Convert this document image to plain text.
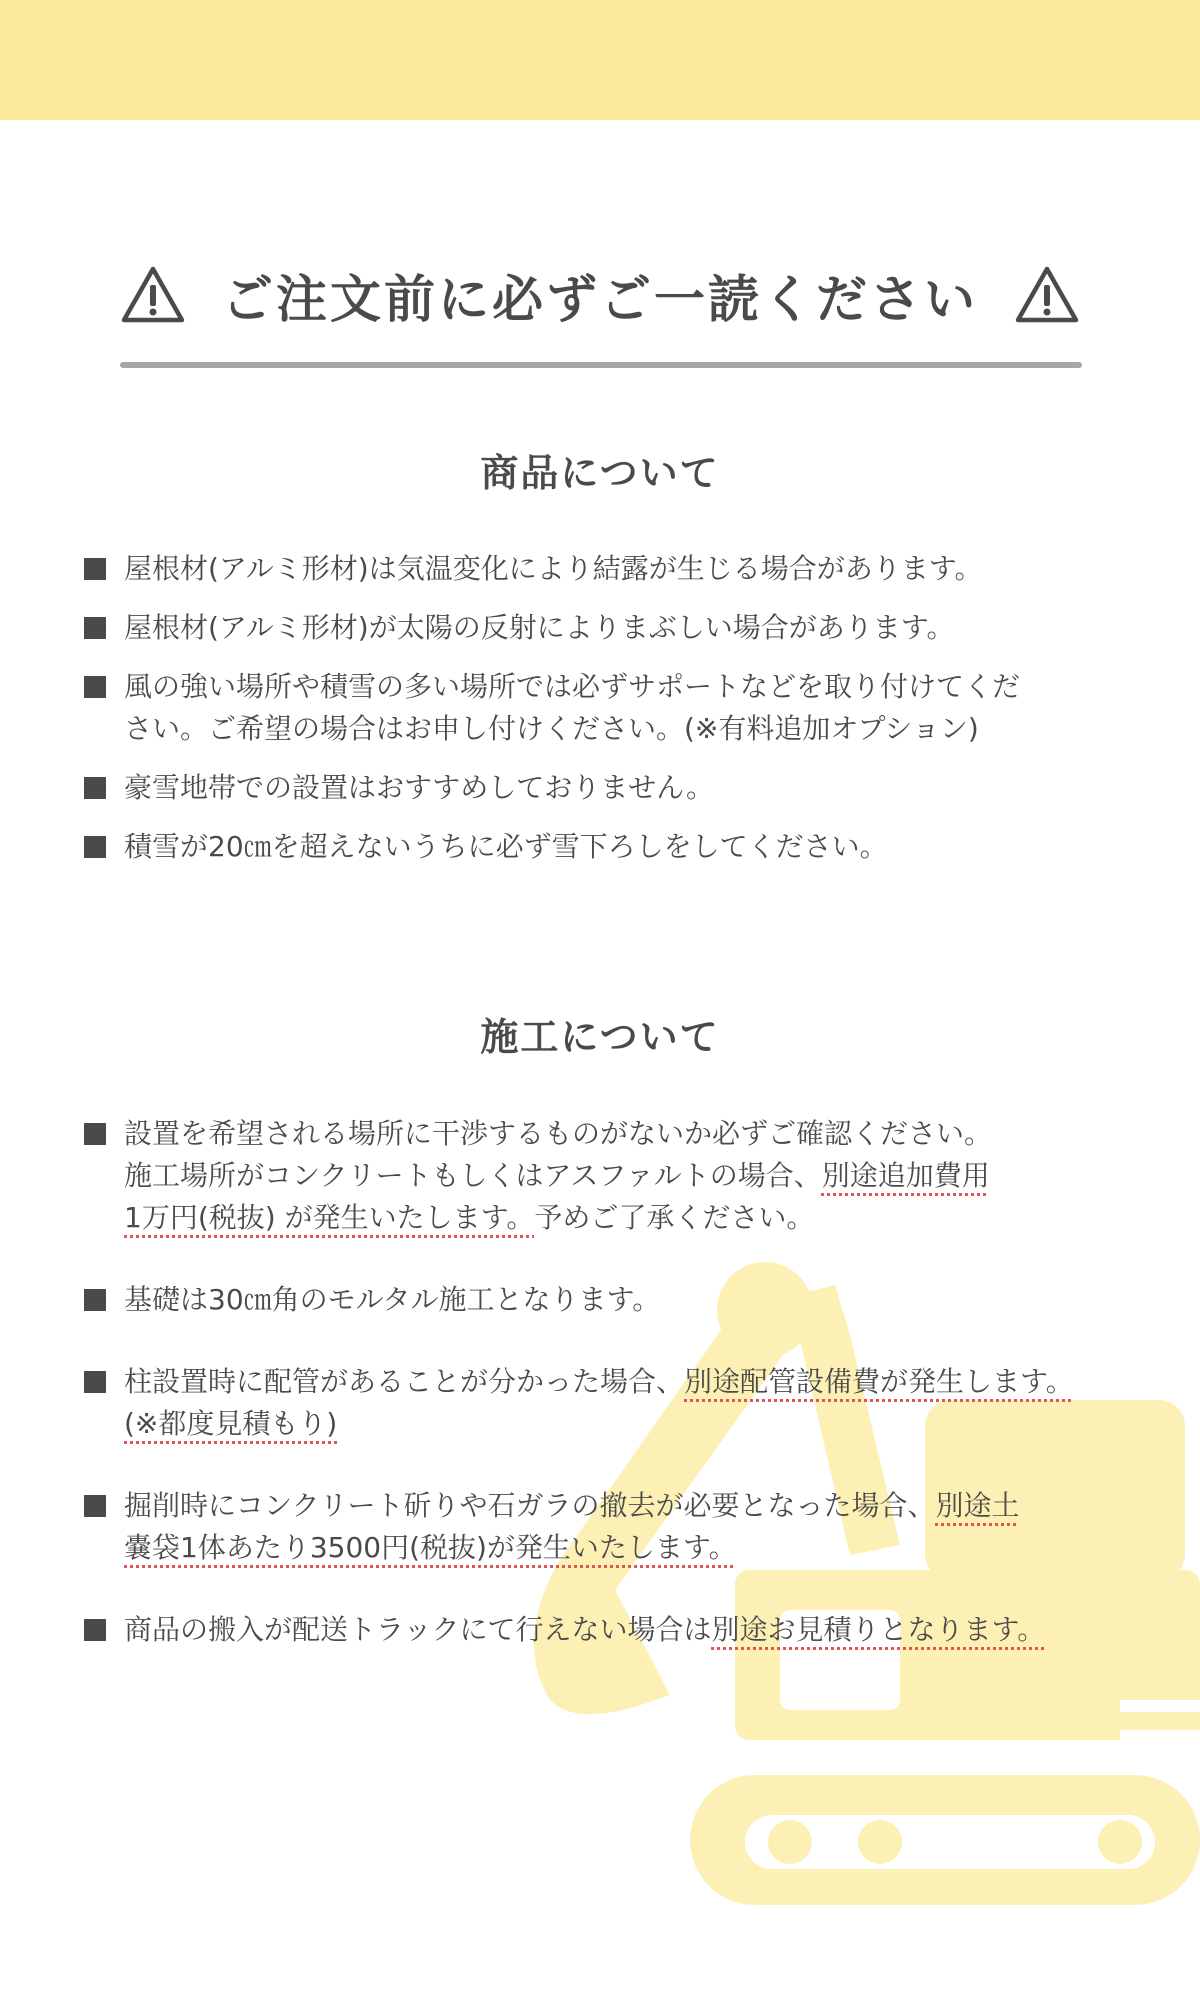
ご注文前に必ずご一読ください
商品について
屋根材(アルミ形材)は気温変化により結露が生じる場合があります。
屋根材(アルミ形材)が太陽の反射によりまぶしい場合があります。
風の強い場所や積雪の多い場所では必ずサポートなどを取り付けてくだ
さい。ご希望の場合はお申し付けください。(※有料追加オプション)
豪雪地帯での設置はおすすめしておりません。
積雪が20㎝を超えないうちに必ず雪下ろしをしてください。
施工について
設置を希望される場所に干渉するものがないか必ずご確認ください。
施工場所がコンクリートもしくはアスファルトの場合、別途追加費用
1万円(税抜) が発生いたします。予めご了承ください。
基礎は30㎝角のモルタル施工となります。
柱設置時に配管があることが分かった場合、別途配管設備費が発生します。
(※都度見積もり)
掘削時にコンクリート斫りや石ガラの撤去が必要となった場合、別途土
嚢袋1体あたり3500円(税抜)が発生いたします。
商品の搬入が配送トラックにて行えない場合は別途お見積りとなります。
